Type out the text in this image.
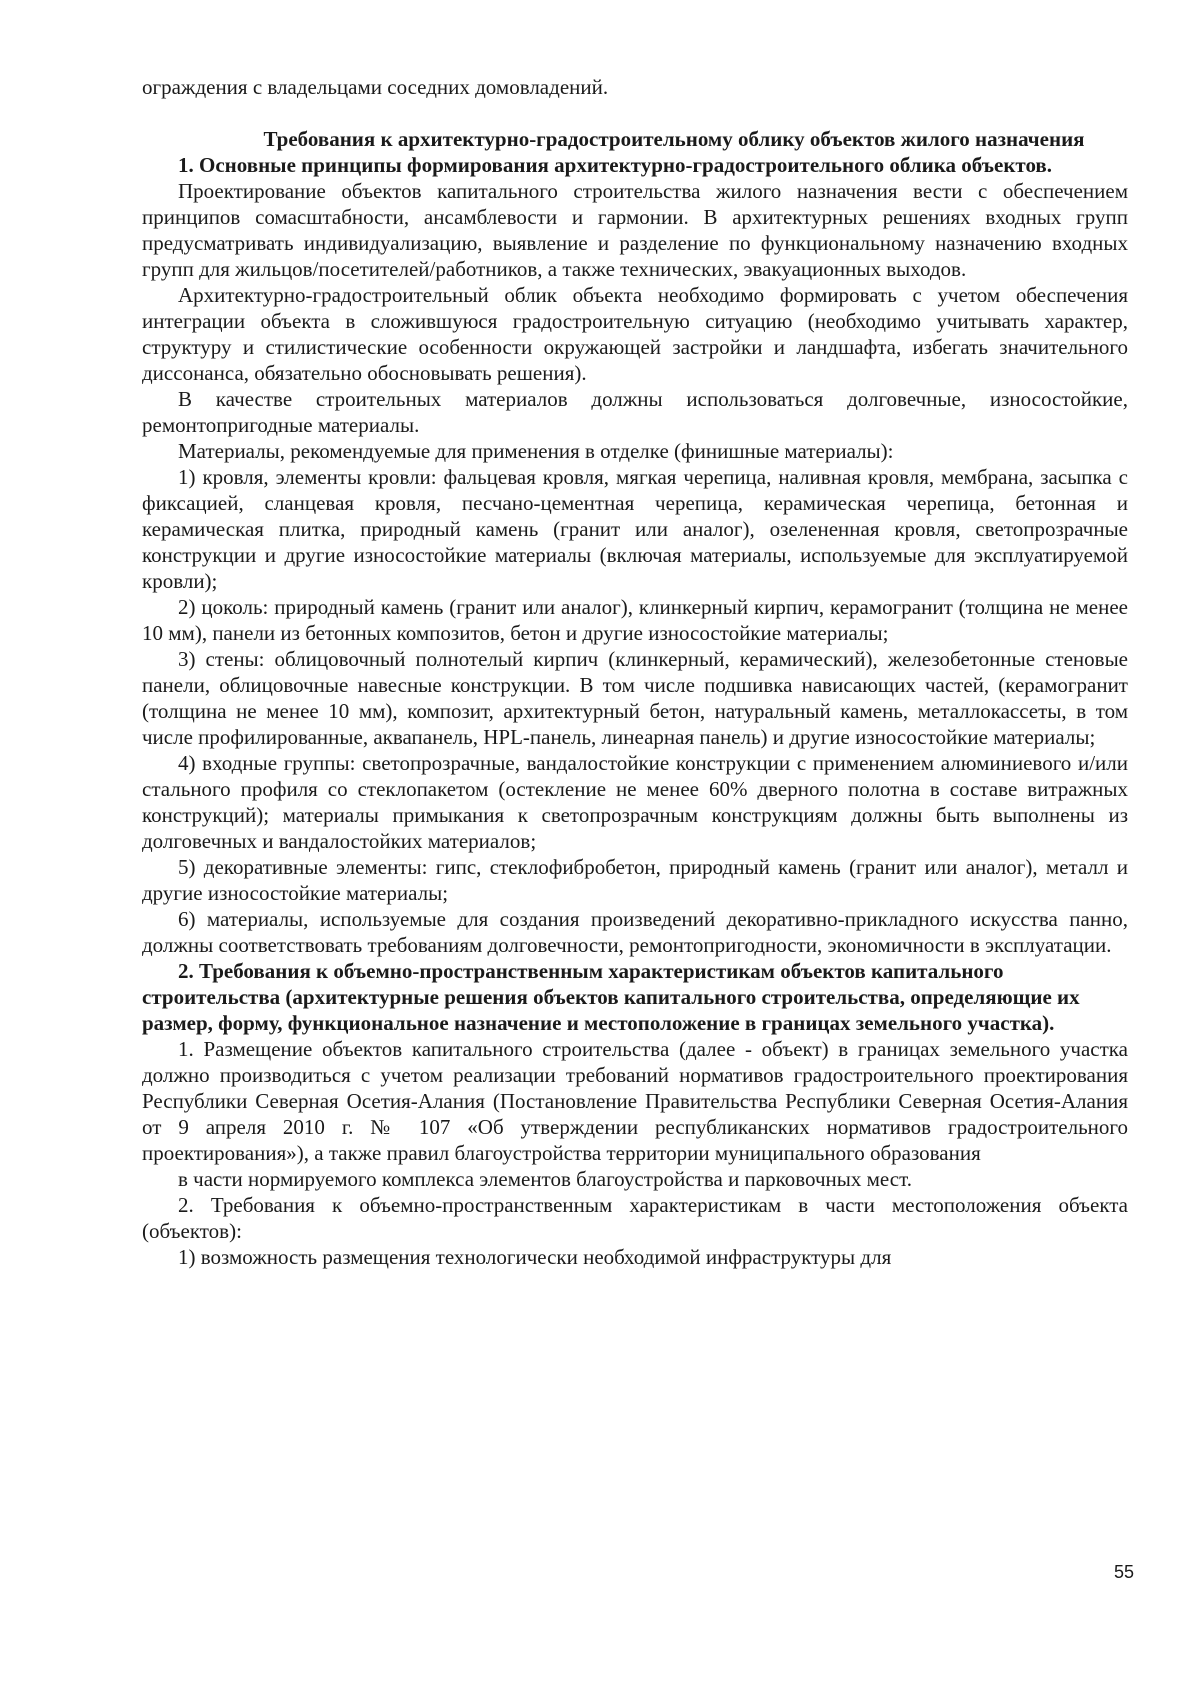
ограждения с владельцами соседних домовладений.

Требования к архитектурно-градостроительному облику объектов жилого назначения

1. Основные принципы формирования архитектурно-градостроительного облика объектов.

Проектирование объектов капитального строительства жилого назначения вести с обеспечением принципов сомасштабности, ансамблевости и гармонии. В архитектурных решениях входных групп предусматривать индивидуализацию, выявление и разделение по функциональному назначению входных групп для жильцов/посетителей/работников, а также технических, эвакуационных выходов.

Архитектурно-градостроительный облик объекта необходимо формировать с учетом обеспечения интеграции объекта в сложившуюся градостроительную ситуацию (необходимо учитывать характер, структуру и стилистические особенности окружающей застройки и ландшафта, избегать значительного диссонанса, обязательно обосновывать решения).

В качестве строительных материалов должны использоваться долговечные, износостойкие, ремонтопригодные материалы.

Материалы, рекомендуемые для применения в отделке (финишные материалы):

1) кровля, элементы кровли: фальцевая кровля, мягкая черепица, наливная кровля, мембрана, засыпка с фиксацией, сланцевая кровля, песчано-цементная черепица, керамическая черепица, бетонная и керамическая плитка, природный камень (гранит или аналог), озелененная кровля, светопрозрачные конструкции и другие износостойкие материалы (включая материалы, используемые для эксплуатируемой кровли);

2) цоколь: природный камень (гранит или аналог), клинкерный кирпич, керамогранит (толщина не менее 10 мм), панели из бетонных композитов, бетон и другие износостойкие материалы;

3) стены: облицовочный полнотелый кирпич (клинкерный, керамический), железобетонные стеновые панели, облицовочные навесные конструкции. В том числе подшивка нависающих частей, (керамогранит (толщина не менее 10 мм), композит, архитектурный бетон, натуральный камень, металлокассеты, в том числе профилированные, аквапанель, HPL-панель, линеарная панель) и другие износостойкие материалы;

4) входные группы: светопрозрачные, вандалостойкие конструкции с применением алюминиевого и/или стального профиля со стеклопакетом (остекление не менее 60% дверного полотна в составе витражных конструкций); материалы примыкания к светопрозрачным конструкциям должны быть выполнены из долговечных и вандалостойких материалов;

5) декоративные элементы: гипс, стеклофибробетон, природный камень (гранит или аналог), металл и другие износостойкие материалы;

6) материалы, используемые для создания произведений декоративно-прикладного искусства панно, должны соответствовать требованиям долговечности, ремонтопригодности, экономичности в эксплуатации.

2. Требования к объемно-пространственным характеристикам объектов капитального строительства (архитектурные решения объектов капитального строительства, определяющие их размер, форму, функциональное назначение и местоположение в границах земельного участка).

1. Размещение объектов капитального строительства (далее - объект) в границах земельного участка должно производиться с учетом реализации требований нормативов градостроительного проектирования Республики Северная Осетия-Алания (Постановление Правительства Республики Северная Осетия-Алания от 9 апреля 2010 г. № 107 «Об утверждении республиканских нормативов градостроительного проектирования»), а также правил благоустройства территории муниципального образования

в части нормируемого комплекса элементов благоустройства и парковочных мест.

2. Требования к объемно-пространственным характеристикам в части местоположения объекта (объектов):

1) возможность размещения технологически необходимой инфраструктуры для

55
